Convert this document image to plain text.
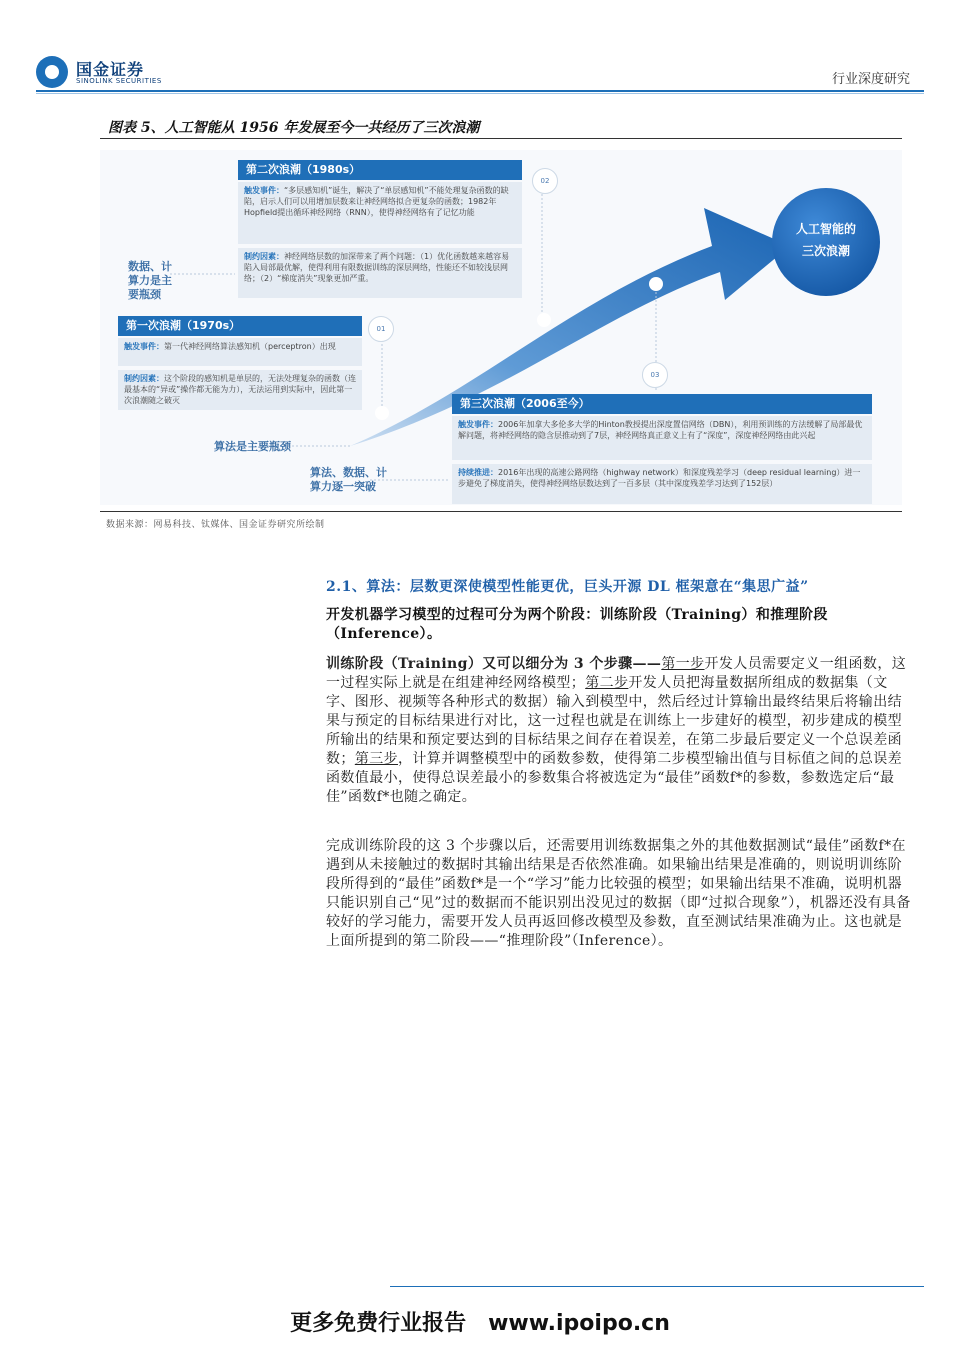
国金证券
SINOLINK SECURITIES	行业深度研究
图表 5、人工智能从 1956 年发展至今一共经历了三次浪潮
人工智能的
三次浪潮
02
01
03
第二次浪潮（1980s）
触发事件：“多层感知机”诞生，解决了“单层感知机”不能处理复杂函数的缺陷，启示人们可以用增加层数来让神经网络拟合更复杂的函数；1982年Hopfield提出循环神经网络（RNN），使得神经网络有了记忆功能
制约因素：神经网络层数的加深带来了两个问题：（1）优化函数越来越容易陷入局部最优解，使得利用有限数据训练的深层网络，性能还不如较浅层网络；（2）“梯度消失”现象更加严重。
第一次浪潮（1970s）
触发事件：第一代神经网络算法感知机（perceptron）出现
制约因素：这个阶段的感知机是单层的，无法处理复杂的函数（连最基本的“异或”操作都无能为力），无法运用到实际中，因此第一次浪潮随之破灭	第三次浪潮（2006至今）
触发事件：2006年加拿大多伦多大学的Hinton教授提出深度置信网络（DBN），利用预训练的方法缓解了局部最优解问题，将神经网络的隐含层推动到了7层，神经网络真正意义上有了“深度”，深度神经网络由此兴起
持续推进：2016年出现的高速公路网络（highway network）和深度残差学习（deep residual learning）进一步避免了梯度消失，使得神经网络层数达到了一百多层（其中深度残差学习达到了152层）
数据、计
算力是主
要瓶颈
算法是主要瓶颈
算法、数据、计
算力逐一突破
数据来源：网易科技、钛媒体、国金证券研究所绘制
2.1、算法：层数更深使模型性能更优，巨头开源 DL 框架意在“集思广益”
开发机器学习模型的过程可分为两个阶段：训练阶段（Training）和推理阶段（Inference）。
训练阶段（Training）又可以细分为 3 个步骤——第一步开发人员需要定义一组函数，这一过程实际上就是在组建神经网络模型；第二步开发人员把海量数据所组成的数据集（文字、图形、视频等各种形式的数据）输入到模型中，然后经过计算输出最终结果后将输出结果与预定的目标结果进行对比，这一过程也就是在训练上一步建好的模型，初步建成的模型所输出的结果和预定要达到的目标结果之间存在着误差，在第二步最后要定义一个总误差函数；第三步，计算并调整模型中的函数参数，使得第二步模型输出值与目标值之间的总误差函数值最小，使得总误差最小的参数集合将被选定为“最佳”函数f*的参数，参数选定后“最佳”函数f*也随之确定。
完成训练阶段的这 3 个步骤以后，还需要用训练数据集之外的其他数据测试“最佳”函数f*在遇到从未接触过的数据时其输出结果是否依然准确。如果输出结果是准确的，则说明训练阶段所得到的“最佳”函数f*是一个“学习”能力比较强的模型；如果输出结果不准确，说明机器只能识别自己“见”过的数据而不能识别出没见过的数据（即“过拟合现象”），机器还没有具备较好的学习能力，需要开发人员再返回修改模型及参数，直至测试结果准确为止。这也就是上面所提到的第二阶段——“推理阶段”（Inference）。
更多免费行业报告　www.ipoipo.cn
